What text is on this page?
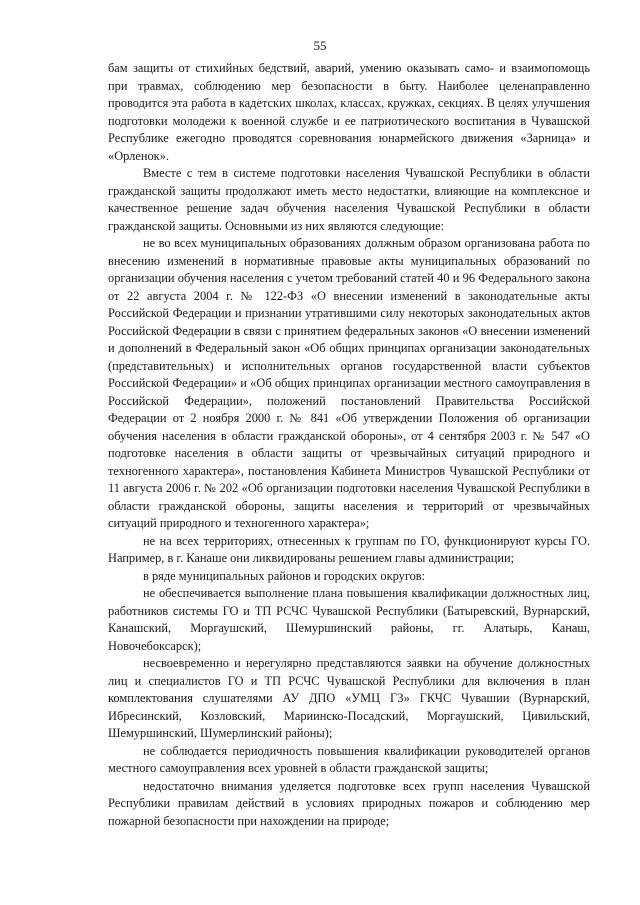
55

бам защиты от стихийных бедствий, аварий, умению оказывать само- и взаимопомощь при травмах, соблюдению мер безопасности в быту. Наиболее целенаправленно проводится эта работа в кадетских школах, классах, кружках, секциях. В целях улучшения подготовки молодежи к военной службе и ее патриотического воспитания в Чувашской Республике ежегодно проводятся соревнования юнармейского движения «Зарница» и «Орленок».

Вместе с тем в системе подготовки населения Чувашской Республики в области гражданской защиты продолжают иметь место недостатки, влияющие на комплексное и качественное решение задач обучения населения Чувашской Республики в области гражданской защиты. Основными из них являются следующие:

не во всех муниципальных образованиях должным образом организована работа по внесению изменений в нормативные правовые акты муниципальных образований по организации обучения населения с учетом требований статей 40 и 96 Федерального закона от 22 августа 2004 г. № 122-ФЗ «О внесении изменений в законодательные акты Российской Федерации и признании утратившими силу некоторых законодательных актов Российской Федерации в связи с принятием федеральных законов «О внесении изменений и дополнений в Федеральный закон «Об общих принципах организации законодательных (представительных) и исполнительных органов государственной власти субъектов Российской Федерации» и «Об общих принципах организации местного самоуправления в Российской Федерации», положений постановлений Правительства Российской Федерации от 2 ноября 2000 г. № 841 «Об утверждении Положения об организации обучения населения в области гражданской обороны», от 4 сентября 2003 г. № 547 «О подготовке населения в области защиты от чрезвычайных ситуаций природного и техногенного характера», постановления Кабинета Министров Чувашской Республики от 11 августа 2006 г. № 202 «Об организации подготовки населения Чувашской Республики в области гражданской обороны, защиты населения и территорий от чрезвычайных ситуаций природного и техногенного характера»;

не на всех территориях, отнесенных к группам по ГО, функционируют курсы ГО. Например, в г. Канаше они ликвидированы решением главы администрации;

в ряде муниципальных районов и городских округов:

не обеспечивается выполнение плана повышения квалификации должностных лиц, работников системы ГО и ТП РСЧС Чувашской Республики (Батыревский, Вурнарский, Канашский, Моргаушский, Шемуршинский районы, гг. Алатырь, Канаш, Новочебоксарск);

несвоевременно и нерегулярно представляются заявки на обучение должностных лиц и специалистов ГО и ТП РСЧС Чувашской Республики для включения в план комплектования слушателями АУ ДПО «УМЦ ГЗ» ГКЧС Чувашии (Вурнарский, Ибресинский, Козловский, Мариинско-Посадский, Моргаушский, Цивильский, Шемуршинский, Шумерлинский районы);

не соблюдается периодичность повышения квалификации руководителей органов местного самоуправления всех уровней в области гражданской защиты;

недостаточно внимания уделяется подготовке всех групп населения Чувашской Республики правилам действий в условиях природных пожаров и соблюдению мер пожарной безопасности при нахождении на природе;
